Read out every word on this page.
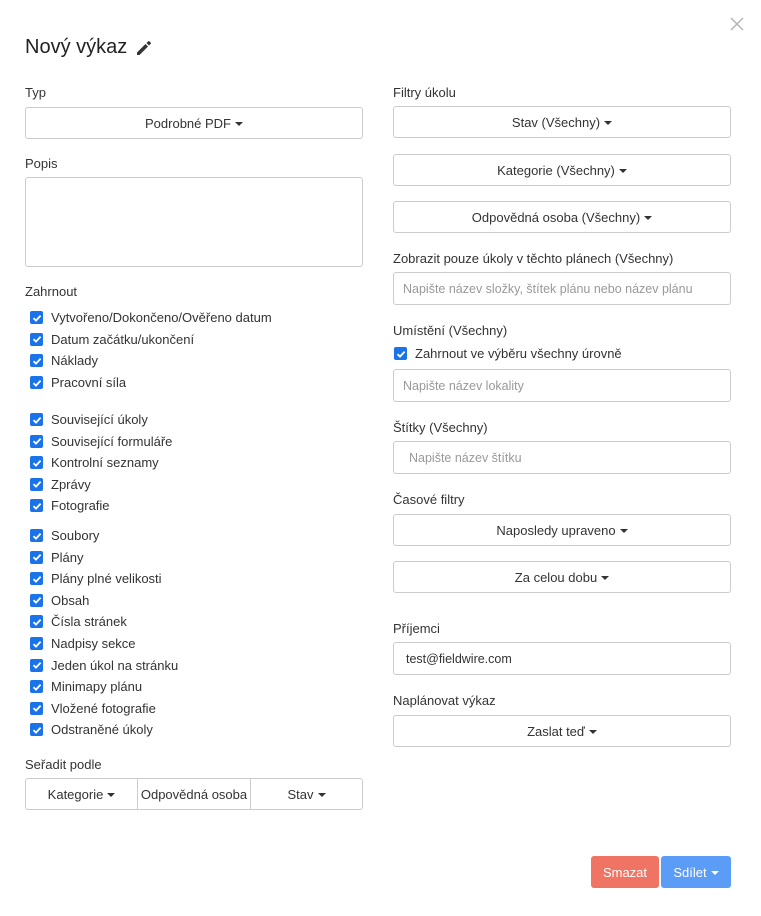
Nový výkaz
Typ
Podrobné PDF
Popis
Zahrnout
Vytvořeno/Dokončeno/Ověřeno datum
Datum začátku/ukončení
Náklady
Pracovní síla
Související úkoly
Související formuláře
Kontrolní seznamy
Zprávy
Fotografie
Soubory
Plány
Plány plné velikosti
Obsah
Čísla stránek
Nadpisy sekce
Jeden úkol na stránku
Minimapy plánu
Vložené fotografie
Odstraněné úkoly
Seřadit podle
Kategorie	Odpovědná osoba	Stav
Filtry úkolu
Stav (Všechny)
Kategorie (Všechny)
Odpovědná osoba (Všechny)
Zobrazit pouze úkoly v těchto plánech (Všechny)
Napište název složky, štítek plánu nebo název plánu
Umístění (Všechny)
Zahrnout ve výběru všechny úrovně
Napište název lokality
Štítky (Všechny)
Napište název štítku
Časové filtry
Naposledy upraveno
Za celou dobu
Příjemci
test@fieldwire.com
Naplánovat výkaz
Zaslat teď
Smazat Sdílet
